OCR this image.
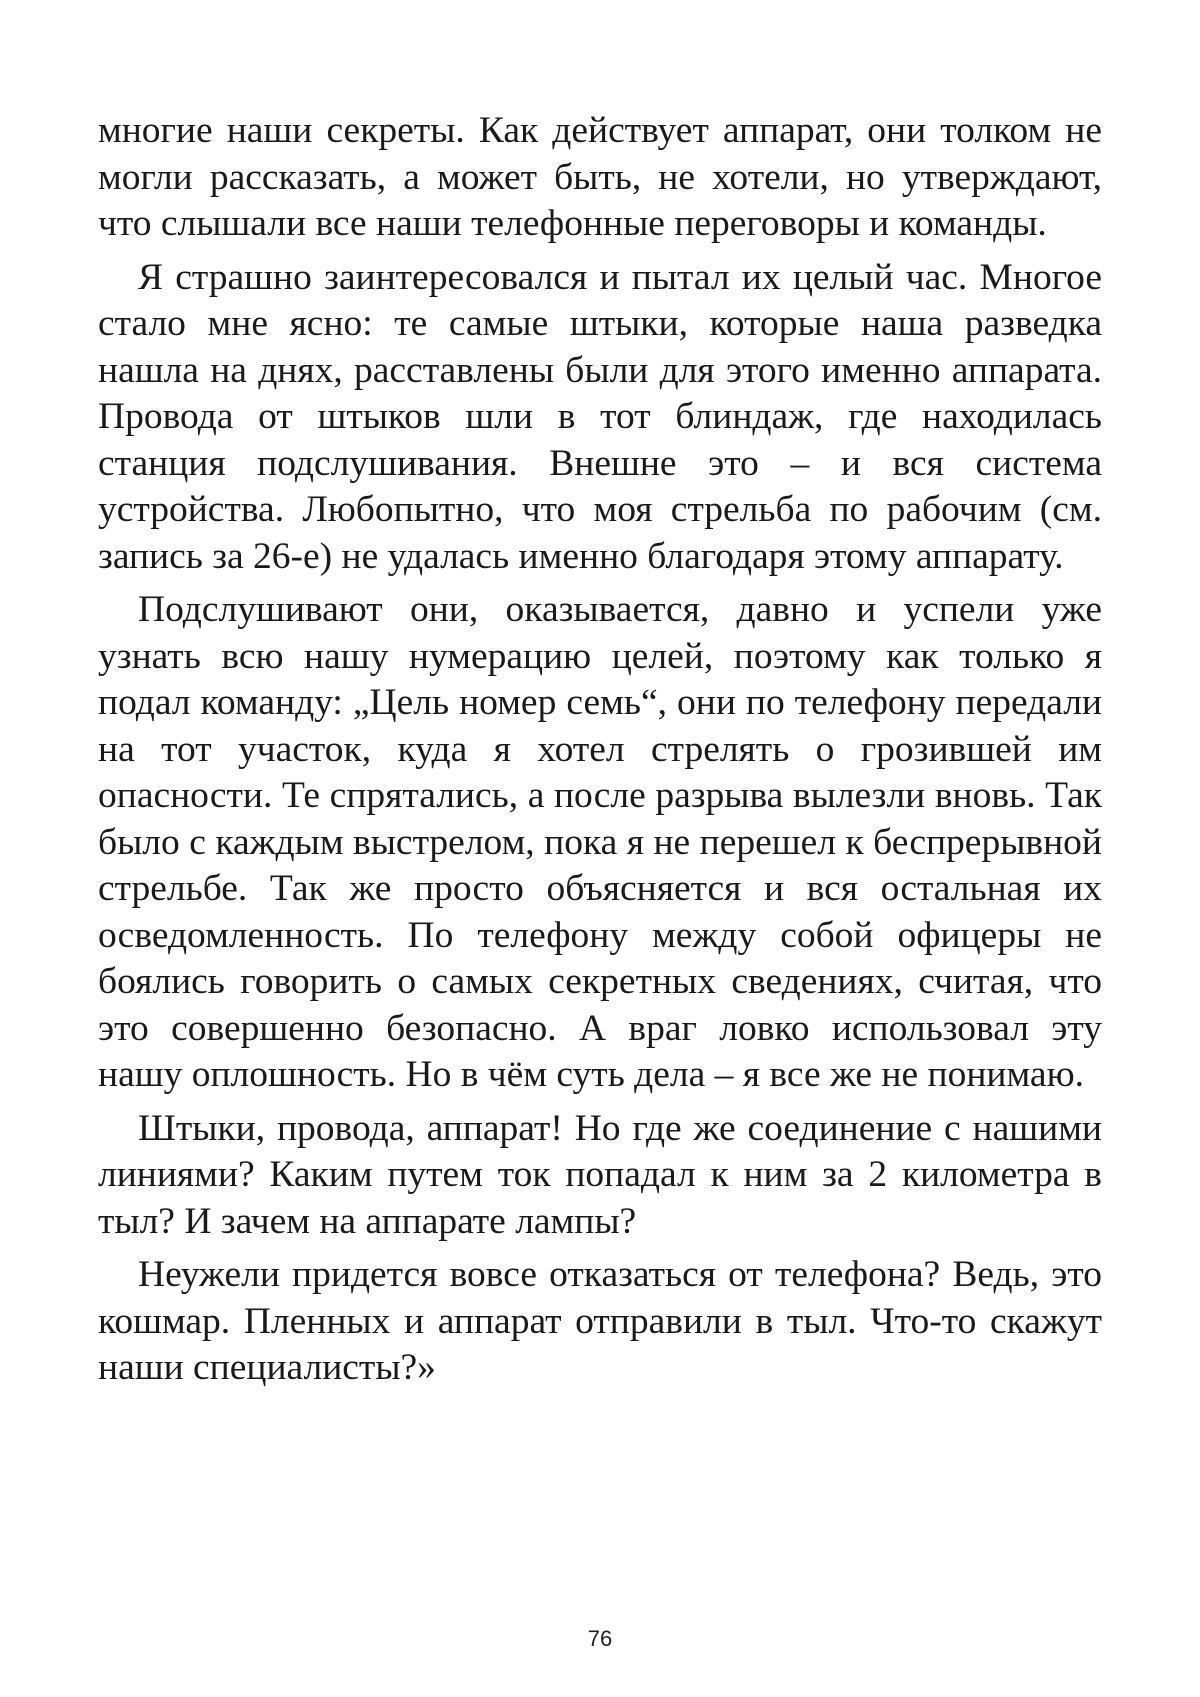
многие наши секреты. Как действует аппарат, они толком не могли рассказать, а может быть, не хотели, но утверждают, что слышали все наши телефонные переговоры и команды.

Я страшно заинтересовался и пытал их целый час. Многое стало мне ясно: те самые штыки, которые наша разведка нашла на днях, расставлены были для этого именно аппарата. Провода от штыков шли в тот блиндаж, где находилась станция подслушивания. Внешне это – и вся система устройства. Любопытно, что моя стрельба по рабочим (см. запись за 26-е) не удалась именно благодаря этому аппарату.

Подслушивают они, оказывается, давно и успели уже узнать всю нашу нумерацию целей, поэтому как только я подал команду: „Цель номер семь“, они по телефону передали на тот участок, куда я хотел стрелять о грозившей им опасности. Те спрятались, а после разрыва вылезли вновь. Так было с каждым выстрелом, пока я не перешел к беспрерывной стрельбе. Так же просто объясняется и вся остальная их осведомленность. По телефону между собой офицеры не боялись говорить о самых секретных сведениях, считая, что это совершенно безопасно. А враг ловко использовал эту нашу оплошность. Но в чём суть дела – я все же не понимаю.

Штыки, провода, аппарат! Но где же соединение с нашими линиями? Каким путем ток попадал к ним за 2 километра в тыл? И зачем на аппарате лампы?

Неужели придется вовсе отказаться от телефона? Ведь, это кошмар. Пленных и аппарат отправили в тыл. Что-то скажут наши специалисты?»

76
